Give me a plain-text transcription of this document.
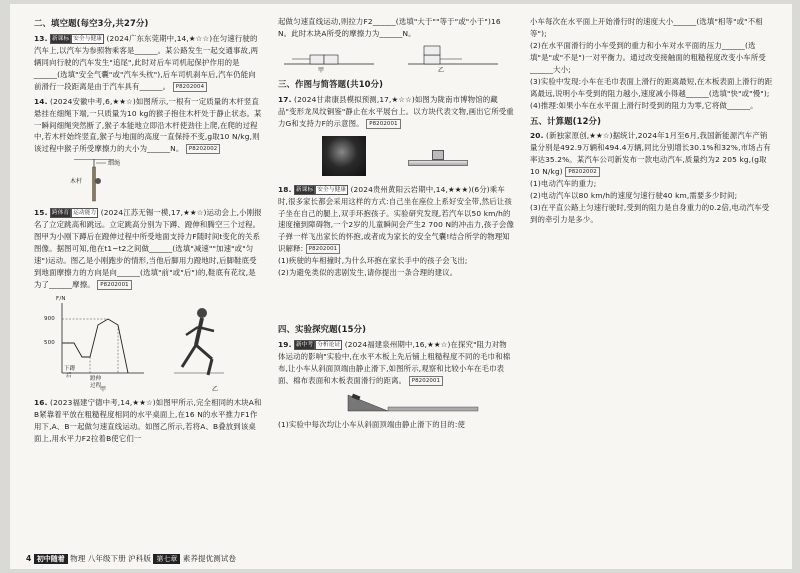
二、填空题(每空3分,共27分)
13. 新课标 安全与健康 (2024广东东莞期中,14,★☆☆)在匀速行驶的汽车上,以汽车为参照物乘客是______。某公路发生一起交通事故,两辆同向行驶的汽车发生"追尾",此时对后车司机起保护作用的是______(选填"安全气囊"或"汽车头枕"),后车司机刹车后,汽车仍能向前滑行一段距离是由于汽车具有______。 P8202004
14. (2024安徽中考,6,★★☆)如图所示,一根有一定质量的木杆竖直悬挂在细绳下端,一只质量为10 kg的猴子抱住木杆处于静止状态。某一瞬间细绳突然断了,猴子本能地立即沿木杆使劲往上爬,在爬的过程中,若木杆始终竖直,猴子与地面的高度一直保持不变,g取10 N/kg,则该过程中猴子所受摩擦力的大小为______N。 P8202002
细绳
木杆
15. 跨体育 运动能力 (2024江苏无锡一模,17,★★☆)运动会上,小刚报名了立定跳高和跳远。立定跳高分别为下蹲、蹬伸和腾空三个过程。图甲为小刚下蹲后在蹬伸过程中所受地面支持力F随时间t变化的关系图像。据图可知,他在t1~t2之间做______(选填"减速""加速"或"匀速")运动。图乙是小刚跑步的情形,当他后脚用力蹬地时,后脚鞋底受到地面摩擦力的方向是向______(选填"前"或"后")的,鞋底有花纹,是为了______摩擦。 P8202001
F/N
900
500
下蹲
后	蹬伸
过程
甲	乙
16. (2023福建宁德中考,14,★★☆)如图甲所示,完全相同的木块A和B紧靠着平放在粗糙程度相同的水平桌面上,在16 N的水平推力F1作用下,A、B一起做匀速直线运动。如图乙所示,若将A、B叠放到该桌面上,用水平力F2拉着B使它们一
起做匀速直线运动,则拉力F2______(选填"大于""等于"或"小于")16 N。此时木块A所受的摩擦力为______N。
甲	乙
三、作图与简答题(共10分)
17. (2024甘肃康县模拟预测,17,★☆☆)如图为陇南市博物馆的藏品"变形龙凤纹铜鉴"静止在水平展台上。以方块代表文物,画出它所受重力G和支持力F的示意图。 P8202001
18. 新课标 安全与健康 (2024贵州黄阳云岩期中,14,★★★)(6分)乘车时,很多家长都会采用这样的方式:自己坐在座位上系好安全带,然后让孩子坐在自己的腿上,双手环抱孩子。实验研究发现,若汽车以50 km/h的速度撞到障碍物,一个2岁的儿童瞬间会产生2 700 N的冲击力,孩子会像子弹一样飞出家长的怀抱,或者成为家长的安全气囊!结合所学的物理知识解释: P8202001
(1)疾驶的车相撞时,为什么环抱在家长手中的孩子会飞出;
(2)为避免类似的悲剧发生,请你提出一条合理的建议。
四、实验探究题(15分)
19. 新中考 分析论证 (2024福建泉州期中,16,★★☆)在探究"阻力对物体运动的影响"实验中,在水平木板上先后铺上粗糙程度不同的毛巾和棉布,让小车从斜面顶端由静止滑下,如图所示,观察和比较小车在毛巾表面、棉布表面和木板表面滑行的距离。 P8202001
(1)实验中每次均让小车从斜面顶端由静止滑下的目的:使
小车每次在水平面上开始滑行时的速度大小______(选填"相等"或"不相等");
(2)在水平面滑行的小车受到的重力和小车对水平面的压力______(选填"是"或"不是")一对平衡力。通过改变接触面的粗糙程度改变小车所受______大小;
(3)实验中发现:小车在毛巾表面上滑行的距离最短,在木板表面上滑行的距离最远,说明小车受到的阻力越小,速度减小得越______(选填"快"或"慢");
(4)推理:如果小车在水平面上滑行时受到的阻力为零,它将做______。
五、计算题(12分)
20. (新独家原创,★★☆)据统计,2024年1月至6月,我国新能源汽车产销量分别是492.9万辆和494.4万辆,同比分别增长30.1%和32%,市场占有率达35.2%。某汽车公司新发布一款电动汽车,质量约为2 205 kg,(g取10 N/kg) P8202002
(1)电动汽车的重力;
(2)电动汽车以80 km/h的速度匀速行驶40 km,需要多少时间;
(3)在平直公路上匀速行驶时,受到的阻力是自身重力的0.2倍,电动汽车受到的牵引力是多少。
4 初中随着 物理 八年级下册 沪科版 第七章 素养提优测试卷
